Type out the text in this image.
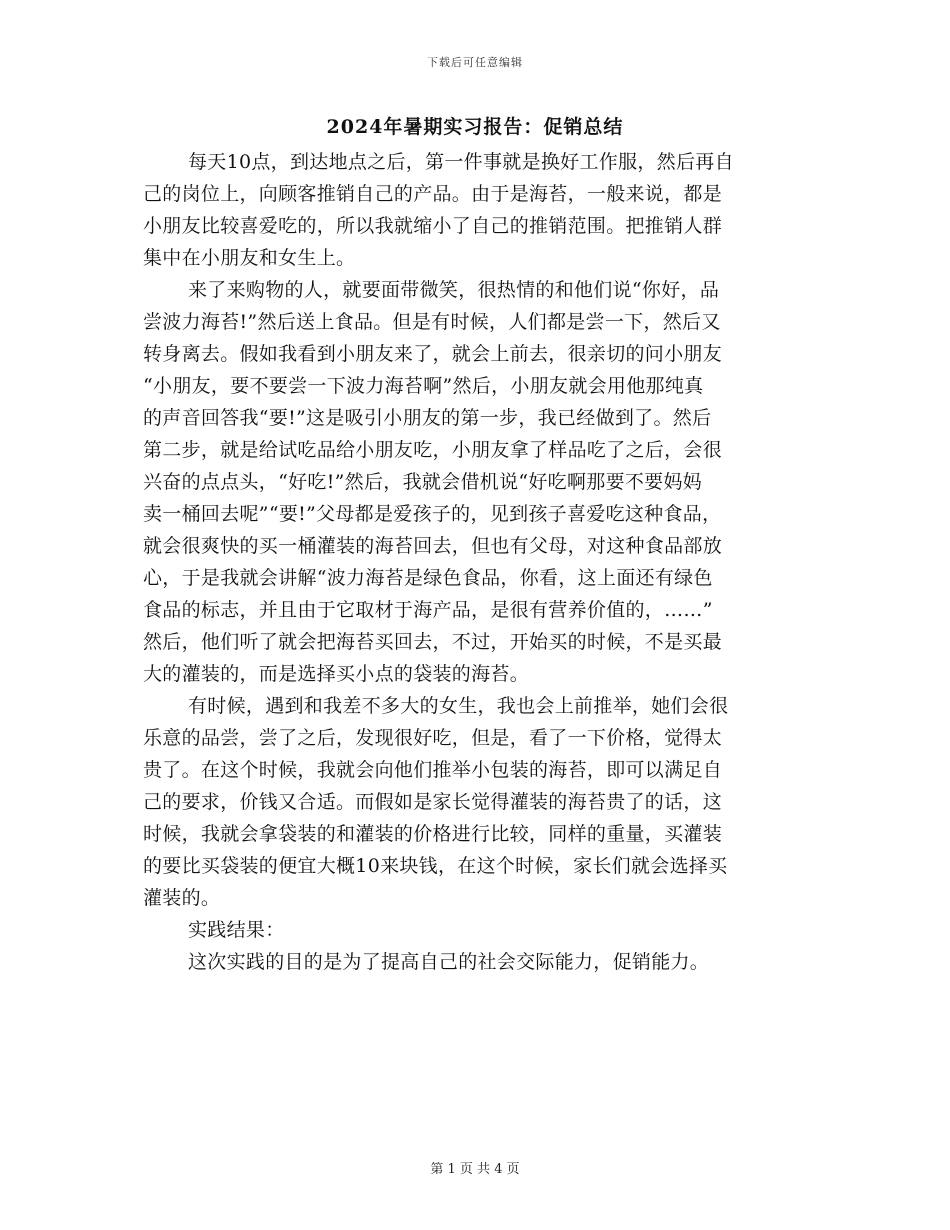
下载后可任意编辑
2024年暑期实习报告：促销总结
每天10点，到达地点之后，第一件事就是换好工作服，然后再自
己的岗位上，向顾客推销自己的产品。由于是海苔，一般来说，都是
小朋友比较喜爱吃的，所以我就缩小了自己的推销范围。把推销人群
集中在小朋友和女生上。
来了来购物的人，就要面带微笑，很热情的和他们说“你好，品
尝波力海苔!”然后送上食品。但是有时候，人们都是尝一下，然后又
转身离去。假如我看到小朋友来了，就会上前去，很亲切的问小朋友
“小朋友，要不要尝一下波力海苔啊”然后，小朋友就会用他那纯真
的声音回答我“要!”这是吸引小朋友的第一步，我已经做到了。然后
第二步，就是给试吃品给小朋友吃，小朋友拿了样品吃了之后，会很
兴奋的点点头，“好吃!”然后，我就会借机说“好吃啊那要不要妈妈
卖一桶回去呢”“要!”父母都是爱孩子的，见到孩子喜爱吃这种食品，
就会很爽快的买一桶灌装的海苔回去，但也有父母，对这种食品部放
心，于是我就会讲解“波力海苔是绿色食品，你看，这上面还有绿色
食品的标志，并且由于它取材于海产品，是很有营养价值的，……”
然后，他们听了就会把海苔买回去，不过，开始买的时候，不是买最
大的灌装的，而是选择买小点的袋装的海苔。
有时候，遇到和我差不多大的女生，我也会上前推举，她们会很
乐意的品尝，尝了之后，发现很好吃，但是，看了一下价格，觉得太
贵了。在这个时候，我就会向他们推举小包装的海苔，即可以满足自
己的要求，价钱又合适。而假如是家长觉得灌装的海苔贵了的话，这
时候，我就会拿袋装的和灌装的价格进行比较，同样的重量，买灌装
的要比买袋装的便宜大概10来块钱，在这个时候，家长们就会选择买
灌装的。
实践结果：
这次实践的目的是为了提高自己的社会交际能力，促销能力。
第 1 页 共 4 页
